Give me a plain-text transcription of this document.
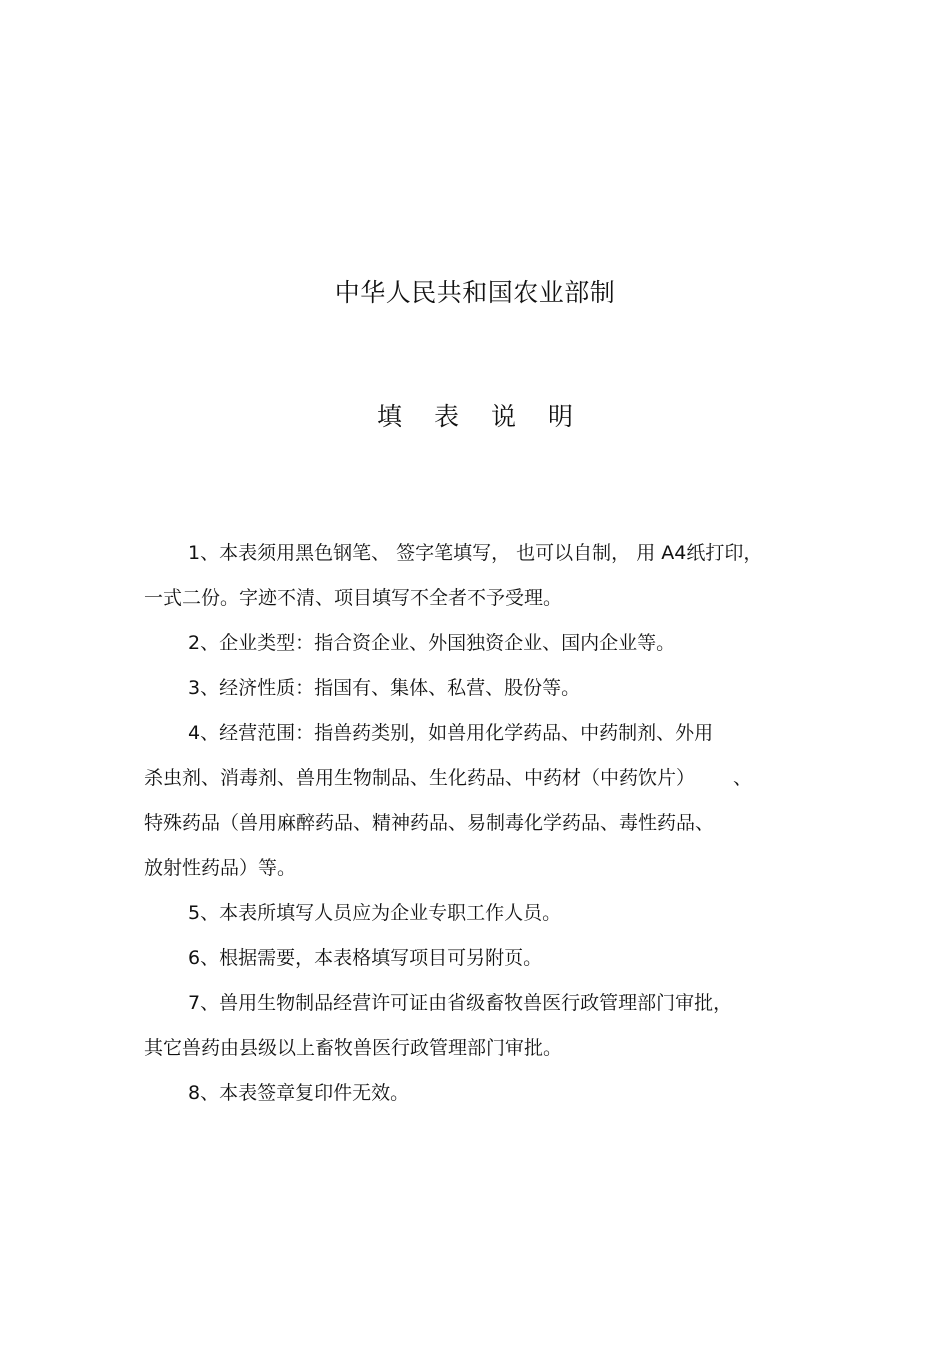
中华人民共和国农业部制
填 表 说 明
1、本表须用黑色钢笔、 签字笔填写， 也可以自制， 用 A4纸打印，
一式二份。字迹不清、项目填写不全者不予受理。
2、企业类型：指合资企业、外国独资企业、国内企业等。
3、经济性质：指国有、集体、私营、股份等。
4、经营范围：指兽药类别，如兽用化学药品、中药制剂、外用
杀虫剂、消毒剂、兽用生物制品、生化药品、中药材（中药饮片） 、
特殊药品（兽用麻醉药品、精神药品、易制毒化学药品、毒性药品、
放射性药品）等。
5、本表所填写人员应为企业专职工作人员。
6、根据需要，本表格填写项目可另附页。
7、兽用生物制品经营许可证由省级畜牧兽医行政管理部门审批，
其它兽药由县级以上畜牧兽医行政管理部门审批。
8、本表签章复印件无效。
